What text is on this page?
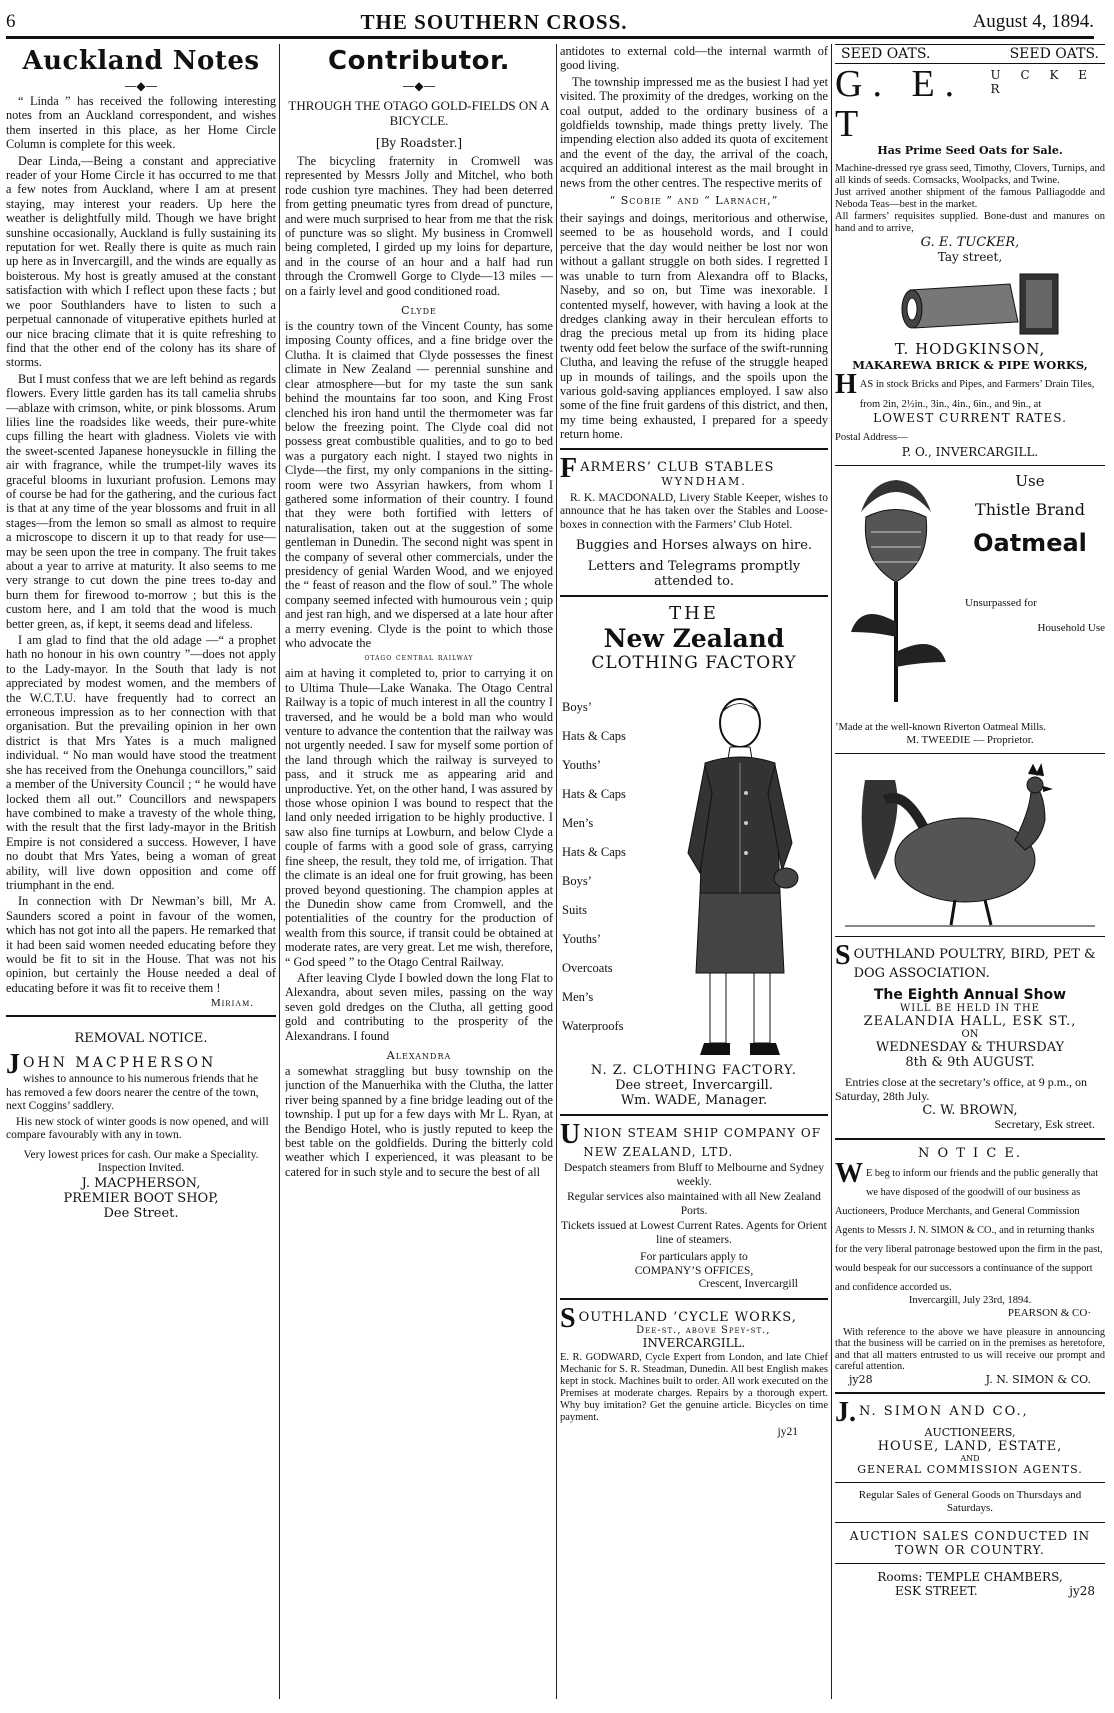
6	THE SOUTHERN CROSS.	August 4, 1894.
Auckland Notes
—◆—

“ Linda ” has received the following interesting notes from an Auckland correspondent, and wishes them inserted in this place, as her Home Circle Column is complete for this week.

Dear Linda,—Being a constant and appreciative reader of your Home Circle it has occurred to me that a few notes from Auckland, where I am at present staying, may interest your readers. Up here the weather is delightfully mild. Though we have bright sunshine occasionally, Auckland is fully sustaining its reputation for wet. Really there is quite as much rain up here as in Invercargill, and the winds are equally as boisterous. My host is greatly amused at the constant satisfaction with which I reflect upon these facts ; but we poor Southlanders have to listen to such a perpetual cannonade of vituperative epithets hurled at our nice bracing climate that it is quite refreshing to find that the other end of the colony has its share of storms.

But I must confess that we are left behind as regards flowers. Every little garden has its tall camelia shrubs—ablaze with crimson, white, or pink blossoms. Arum lilies line the roadsides like weeds, their pure-white cups filling the heart with gladness. Violets vie with the sweet-scented Japanese honeysuckle in filling the air with fragrance, while the trumpet-lily waves its graceful blooms in luxuriant profusion. Lemons may of course be had for the gathering, and the curious fact is that at any time of the year blossoms and fruit in all stages—from the lemon so small as almost to require a microscope to discern it up to that ready for use—may be seen upon the tree in company. The fruit takes about a year to arrive at maturity. It also seems to me very strange to cut down the pine trees to-day and burn them for firewood to-morrow ; but this is the custom here, and I am told that the wood is much better green, as, if kept, it seems dead and lifeless.

I am glad to find that the old adage —“ a prophet hath no honour in his own country ”—does not apply to the Lady-mayor. In the South that lady is not appreciated by modest women, and the members of the W.C.T.U. have frequently had to correct an erroneous impression as to her connection with that organisation. But the prevailing opinion in her own district is that Mrs Yates is a much maligned individual. “ No man would have stood the treatment she has received from the Onehunga councillors,” said a member of the University Council ; “ he would have locked them all out.” Councillors and newspapers have combined to make a travesty of the whole thing, with the result that the first lady-mayor in the British Empire is not considered a success. However, I have no doubt that Mrs Yates, being a woman of great ability, will live down opposition and come off triumphant in the end.

In connection with Dr Newman’s bill, Mr A. Saunders scored a point in favour of the women, which has not got into all the papers. He remarked that it had been said women needed educating before they would be fit to sit in the House. That was not his opinion, but certainly the House needed a deal of educating before it was fit to receive them !

Miriam.
REMOVAL NOTICE.
J OHN MACPHERSON

wishes to announce to his numerous friends that he has removed a few doors nearer the centre of the town, next Coggins’ saddlery.

His new stock of winter goods is now opened, and will compare favourably with any in town.

Very lowest prices for cash. Our make a Speciality.

Inspection Invited.

J. MACPHERSON,
PREMIER BOOT SHOP,
Dee Street.
Contributor.
—◆—
THROUGH THE OTAGO GOLD-FIELDS ON A BICYCLE.
[By Roadster.]

The bicycling fraternity in Cromwell was represented by Messrs Jolly and Mitchel, who both rode cushion tyre machines. They had been deterred from getting pneumatic tyres from dread of puncture, and were much surprised to hear from me that the risk of puncture was so slight. My business in Cromwell being completed, I girded up my loins for departure, and in the course of an hour and a half had run through the Cromwell Gorge to Clyde—13 miles —on a fairly level and good conditioned road.

Clyde

is the country town of the Vincent County, has some imposing County offices, and a fine bridge over the Clutha. It is claimed that Clyde possesses the finest climate in New Zealand — perennial sunshine and clear atmosphere—but for my taste the sun sank behind the mountains far too soon, and King Frost clenched his iron hand until the thermometer was far below the freezing point. The Clyde coal did not possess great combustible qualities, and to go to bed was a purgatory each night. I stayed two nights in Clyde—the first, my only companions in the sitting-room were two Assyrian hawkers, from whom I gathered some information of their country. I found that they were both fortified with letters of naturalisation, taken out at the suggestion of some gentleman in Dunedin. The second night was spent in the company of several other commercials, under the presidency of genial Warden Wood, and we enjoyed the “ feast of reason and the flow of soul.” The whole company seemed infected with humourous vein ; quip and jest ran high, and we dispersed at a late hour after a merry evening. Clyde is the point to which those who advocate the

otago central railway

aim at having it completed to, prior to carrying it on to Ultima Thule—Lake Wanaka. The Otago Central Railway is a topic of much interest in all the country I traversed, and he would be a bold man who would venture to advance the contention that the railway was not urgently needed. I saw for myself some portion of the land through which the railway is surveyed to pass, and it struck me as appearing arid and unproductive. Yet, on the other hand, I was assured by those whose opinion I was bound to respect that the land only needed irrigation to be highly productive. I saw also fine turnips at Lowburn, and below Clyde a couple of farms with a good sole of grass, carrying fine sheep, the result, they told me, of irrigation. That the climate is an ideal one for fruit growing, has been proved beyond questioning. The champion apples at the Dunedin show came from Cromwell, and the potentialities of the country for the production of wealth from this source, if transit could be obtained at moderate rates, are very great. Let me wish, therefore, “ God speed ” to the Otago Central Railway.

After leaving Clyde I bowled down the long Flat to Alexandra, about seven miles, passing on the way seven gold dredges on the Clutha, all getting good gold and contributing to the prosperity of the Alexandrans. I found

Alexandra

a somewhat straggling but busy township on the junction of the Manuerhika with the Clutha, the latter river being spanned by a fine bridge leading out of the township. I put up for a few days with Mr L. Ryan, at the Bendigo Hotel, who is justly reputed to keep the best table on the goldfields. During the bitterly cold weather which I experienced, it was pleasant to be catered for in such style and to secure the best of all

antidotes to external cold—the internal warmth of good living.

The township impressed me as the busiest I had yet visited. The proximity of the dredges, working on the coal output, added to the ordinary business of a goldfields township, made things pretty lively. The impending election also added its quota of excitement and the event of the day, the arrival of the coach, acquired an additional interest as the mail brought in news from the other centres. The respective merits of

“ Scobie ” and “ Larnach,”

their sayings and doings, meritorious and otherwise, seemed to be as household words, and I could perceive that the day would neither be lost nor won without a gallant struggle on both sides. I regretted I was unable to turn from Alexandra off to Blacks, Naseby, and so on, but Time was inexorable. I contented myself, however, with having a look at the dredges clanking away in their herculean efforts to drag the precious metal up from its hiding place twenty odd feet below the surface of the swift-running Clutha, and leaving the refuse of the struggle heaped up in mounds of tailings, and the spoils upon the various gold-saving appliances employed. I saw also some of the fine fruit gardens of this district, and then, my time being exhausted, I prepared for a speedy return home.

F ARMERS’ CLUB STABLES
WYNDHAM.

R. K. MACDONALD, Livery Stable Keeper, wishes to announce that he has taken over the Stables and Loose-boxes in connection with the Farmers’ Club Hotel.

Buggies and Horses always on hire.
Letters and Telegrams promptly attended to.
THE
New Zealand
CLOTHING FACTORY
Boys’
Hats & Caps
Youths’
Hats & Caps
Men’s
Hats & Caps
Boys’
Suits
Youths’
Overcoats
Men’s
Waterproofs
N. Z. CLOTHING FACTORY.
Dee street, Invercargill.
Wm. WADE, Manager.
U NION STEAM SHIP COMPANY OF NEW ZEALAND, LTD.

Despatch steamers from Bluff to Melbourne and Sydney weekly.

Regular services also maintained with all New Zealand Ports.

Tickets issued at Lowest Current Rates. Agents for Orient line of steamers.

For particulars apply to

COMPANY’S OFFICES,

Crescent, Invercargill

S OUTHLAND ’CYCLE WORKS,
Dee-st., above Spey-st.,
INVERCARGILL.

E. R. GODWARD, Cycle Expert from London, and late Chief Mechanic for S. R. Steadman, Dunedin. All best English makes kept in stock. Machines built to order. All work executed on the Premises at moderate charges. Repairs by a thorough expert. Why buy imitation? Get the genuine article. Bicycles on time payment.

jy21
SEED OATS.	SEED OATS.
G. E. T
U C K E R
Has Prime Seed Oats for Sale.

Machine-dressed rye grass seed, Timothy, Clovers, Turnips, and all kinds of seeds. Cornsacks, Woolpacks, and Twine.

Just arrived another shipment of the famous Palliagodde and Neboda Teas—best in the market.

All farmers’ requisites supplied. Bone-dust and manures on hand and to arrive,

G. E. TUCKER,
Tay street,
T. HODGKINSON,
MAKAREWA BRICK & PIPE WORKS,
H AS in stock Bricks and Pipes, and Farmers’ Drain Tiles, from 2in, 2½in., 3in., 4in., 6in., and 9in., at
LOWEST CURRENT RATES.
Postal Address—
P. O., INVERCARGILL.
Use
Thistle Brand
Oatmeal
Unsurpassed for
Household Use
’Made at the well-known Riverton Oatmeal Mills.
M. TWEEDIE — Proprietor.
S OUTHLAND POULTRY, BIRD, PET & DOG ASSOCIATION.
The Eighth Annual Show
WILL BE HELD IN THE
ZEALANDIA HALL, ESK ST.,
ON
WEDNESDAY & THURSDAY
8th & 9th AUGUST.

Entries close at the secretary’s office, at 9 p.m., on Saturday, 28th July.

C. W. BROWN,
Secretary, Esk street.
N O T I C E.
W E beg to inform our friends and the public generally that we have disposed of the goodwill of our business as Auctioneers, Produce Merchants, and General Commission Agents to Messrs J. N. SIMON & CO., and in returning thanks for the very liberal patronage bestowed upon the firm in the past, would bespeak for our successors a continuance of the support and confidence accorded us.
Invercargill, July 23rd, 1894.
PEARSON & CO·

With reference to the above we have pleasure in announcing that the business will be carried on in the premises as heretofore, and that all matters entrusted to us will receive our prompt and careful attention.

jy28	J. N. SIMON & CO.
J. N. SIMON AND CO.,
AUCTIONEERS,
HOUSE, LAND, ESTATE,
AND
GENERAL COMMISSION AGENTS.
Regular Sales of General Goods on Thursdays and Saturdays.
AUCTION SALES CONDUCTED IN TOWN OR COUNTRY.
Rooms: TEMPLE CHAMBERS,
ESK STREET.	jy28
